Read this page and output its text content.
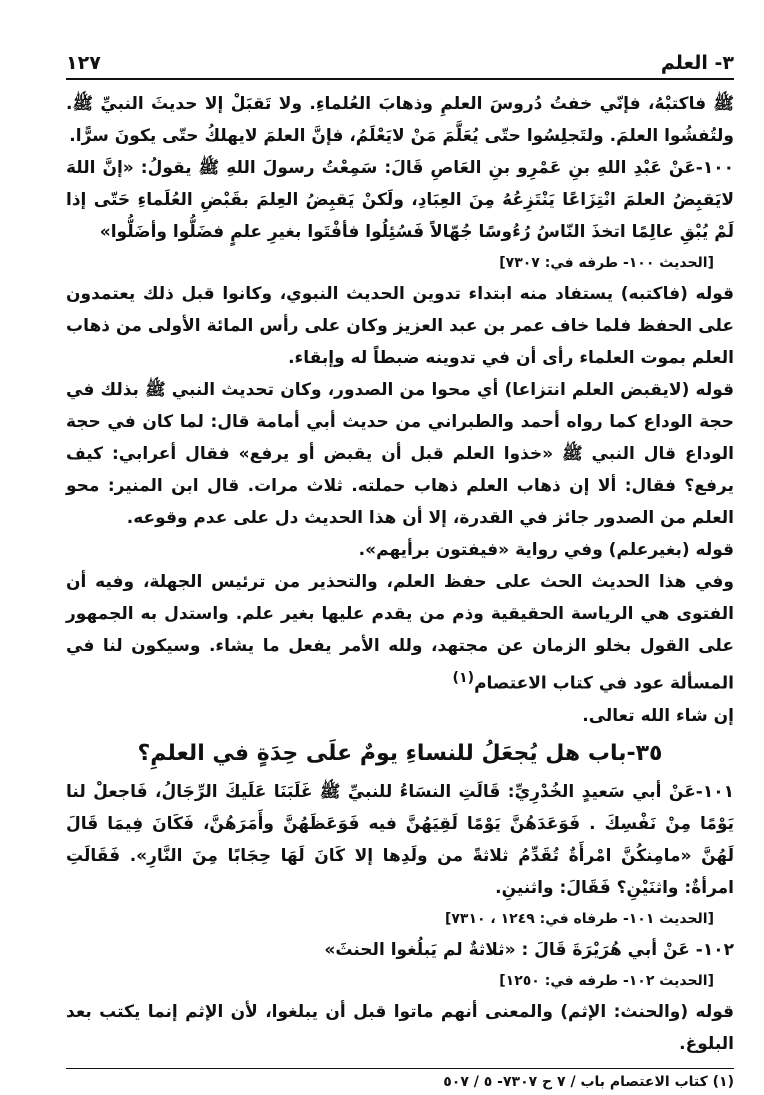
٣- العلم
١٢٧

ﷺ فاكتبْهُ، فإنّي خفتُ دُروسَ العلمِ وذهابَ العُلماءِ. ولا تَقبَلْ إلا حديثَ النبيِّ ﷺ. ولتُفشُوا العلمَ. ولتَجلِسُوا حتّى يُعَلَّمَ مَنْ لايَعْلَمُ، فإنَّ العلمَ لايهلكُ حتّى يكونَ سرًّا.

١٠٠-عَنْ عَبْدِ اللهِ بنِ عَمْرِو بنِ العَاصِ قَالَ: سَمِعْتُ رسولَ اللهِ ﷺ يقولُ: «إنَّ اللهَ لايَقبِضُ العلمَ انْتِزَاعًا يَنْتَزِعُهُ مِنَ العِبَادِ، ولَكنْ يَقبِضُ العِلمَ بقَبْضِ العُلَماءِ حَتّى إذا لَمْ يُبْقِ عالِمًا اتخذَ النّاسُ رُءُوسًا جُهّالاً فَسُئِلُوا فأفْتَوا بغيرِ علمٍ فضَلُّوا وأضَلُّوا»

[الحديث ١٠٠- طرفه في: ٧٣٠٧]

قوله (فاكتبه) يستفاد منه ابتداء تدوين الحديث النبوي، وكانوا قبل ذلك يعتمدون على الحفظ فلما خاف عمر بن عبد العزيز وكان على رأس المائة الأولى من ذهاب العلم بموت العلماء رأى أن في تدوينه ضبطاً له وإبقاء.

قوله (لايقبض العلم انتزاعا) أي محوا من الصدور، وكان تحديث النبي ﷺ بذلك في حجة الوداع كما رواه أحمد والطبراني من حديث أبي أمامة قال: لما كان في حجة الوداع قال النبي ﷺ «خذوا العلم قبل أن يقبض أو يرفع» فقال أعرابي: كيف يرفع؟ فقال: ألا إن ذهاب العلم ذهاب حملته. ثلاث مرات. قال ابن المنير: محو العلم من الصدور جائز في القدرة، إلا أن هذا الحديث دل على عدم وقوعه.

قوله (بغيرعلم) وفي رواية «فيفتون برأيهم».

وفي هذا الحديث الحث على حفظ العلم، والتحذير من ترئيس الجهلة، وفيه أن الفتوى هي الرياسة الحقيقية وذم من يقدم عليها بغير علم. واستدل به الجمهور على القول بخلو الزمان عن مجتهد، ولله الأمر يفعل ما يشاء. وسيكون لنا في المسألة عود في كتاب الاعتصام$^{(١)}$

إن شاء الله تعالى.

٣٥-باب هل يُجعَلُ للنساءِ يومٌ علَى حِدَةٍ في العلمِ؟

١٠١-عَنْ أبي سَعيدٍ الخُدْرِيِّ: قَالَتِ النسَاءُ للنبيِّ ﷺ غَلَبَنَا عَلَيكَ الرِّجَالُ، فَاجعلْ لنا يَوْمًا مِنْ نَفْسِكَ . فَوَعَدَهُنَّ يَوْمًا لَقِيَهُنَّ فيه فَوَعَظَهُنَّ وأَمَرَهُنَّ، فَكَانَ فِيمَا قَالَ لَهُنَّ «مامِنكُنَّ امْرأَةٌ تُقَدِّمُ ثلاثةً من ولَدِها إلا كَانَ لَهَا حِجَابًا مِنَ النَّارِ». فَقَالَتِ امرأةٌ: واثنَيْنِ؟ فَقَالَ: واثنينِ.

[الحديث ١٠١- طرفاه في: ١٢٤٩ ، ٧٣١٠]

١٠٢- عَنْ أبي هُرَيْرَةَ قَالَ : «ثلاثةٌ لم يَبلُغوا الحنثَ»

[الحديث ١٠٢- طرفه في: ١٢٥٠]

قوله (والحنث: الإثم) والمعنى أنهم ماتوا قبل أن يبلغوا، لأن الإثم إنما يكتب بعد البلوغ.

(١) كتاب الاعتصام باب / ٧ ح ٧٣٠٧- ٥ / ٥٠٧
